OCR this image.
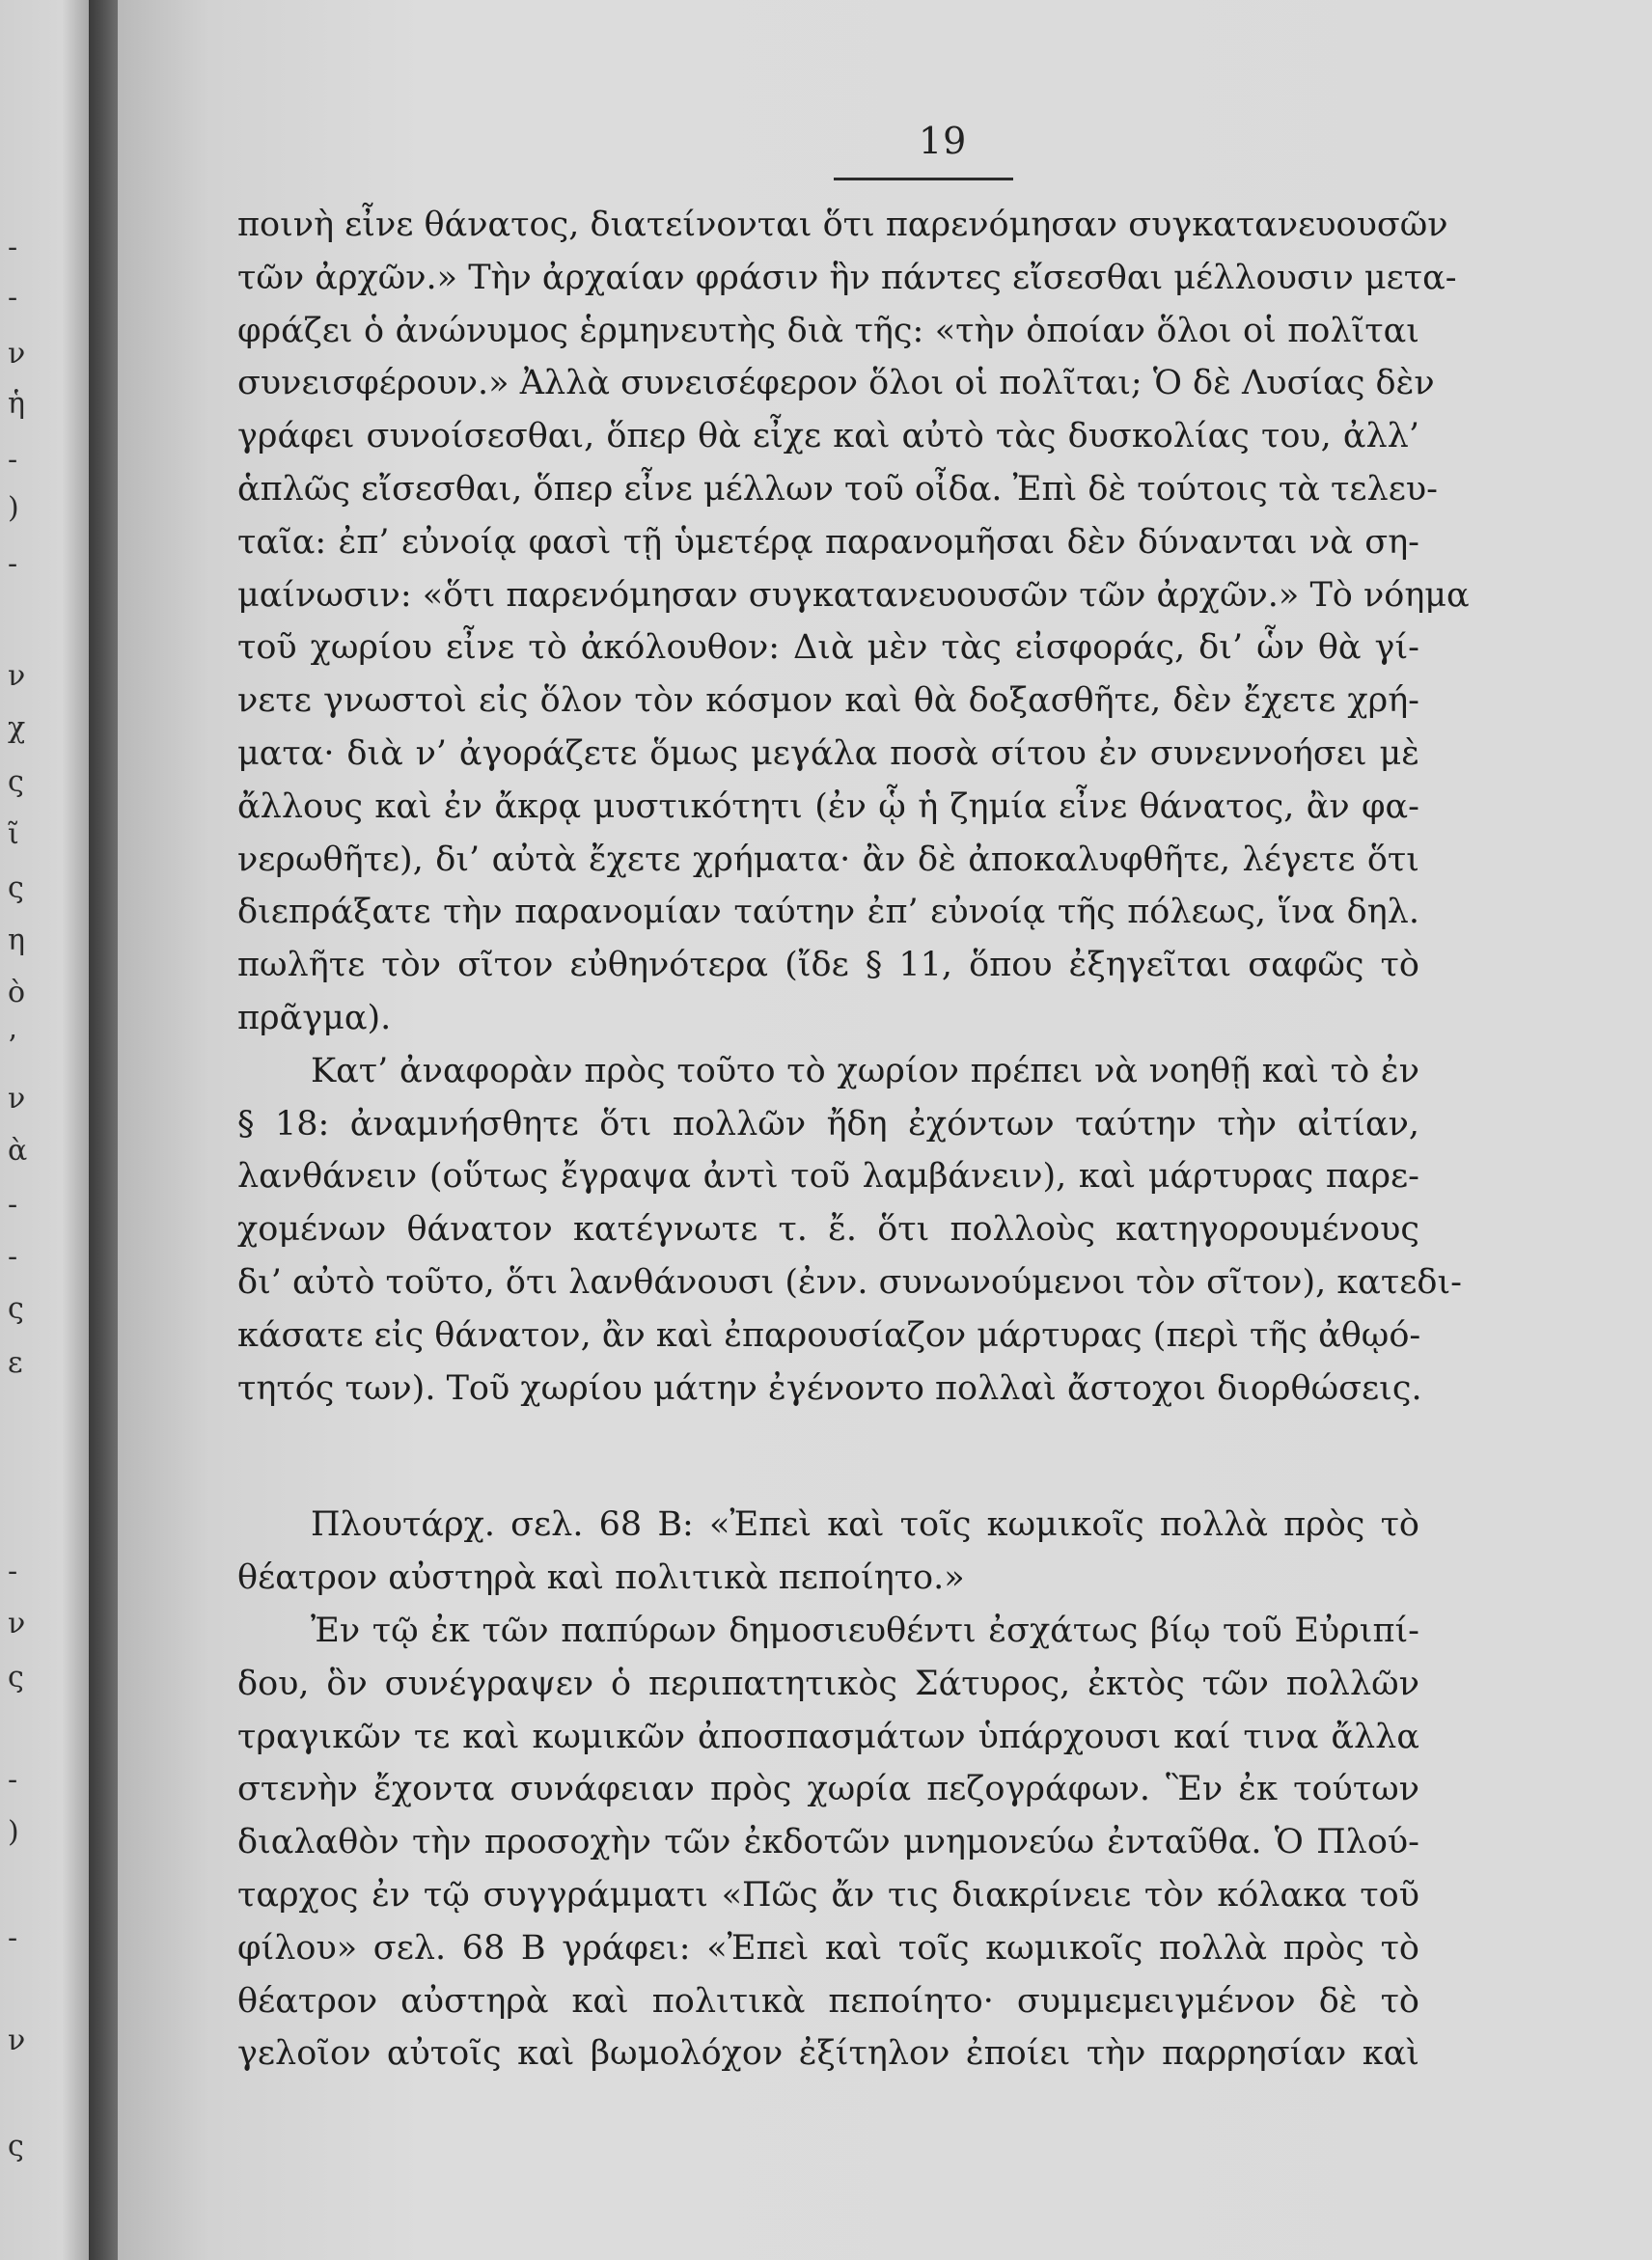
-
-
ν
ἡ
-
)
-
ν
χ
ς
ῖ
ς
η
ὸ
’
ν
ὰ
-
-
ς
ε
-
ν
ς
-
)
-
ν
ς
19
ποινὴ εἶνε θάνατος, διατείνονται ὅτι παρενόμησαν συγκατανευουσῶν
τῶν ἀρχῶν.» Τὴν ἀρχαίαν φράσιν ἣν πάντες εἴσεσθαι μέλλουσιν μετα-
φράζει ὁ ἀνώνυμος ἑρμηνευτὴς διὰ τῆς: «τὴν ὁποίαν ὅλοι οἱ πολῖται
συνεισφέρουν.» Ἀλλὰ συνεισέφερον ὅλοι οἱ πολῖται; Ὁ δὲ Λυσίας δὲν
γράφει συνοίσεσθαι, ὅπερ θὰ εἶχε καὶ αὐτὸ τὰς δυσκολίας του, ἀλλ’
ἁπλῶς εἴσεσθαι, ὅπερ εἶνε μέλλων τοῦ οἶδα. Ἐπὶ δὲ τούτοις τὰ τελευ-
ταῖα: ἐπ’ εὐνοίᾳ φασὶ τῇ ὑμετέρᾳ παρανομῆσαι δὲν δύνανται νὰ ση-
μαίνωσιν: «ὅτι παρενόμησαν συγκατανευουσῶν τῶν ἀρχῶν.» Τὸ νόημα
τοῦ χωρίου εἶνε τὸ ἀκόλουθον: Διὰ μὲν τὰς εἰσφοράς, δι’ ὧν θὰ γί-
νετε γνωστοὶ εἰς ὅλον τὸν κόσμον καὶ θὰ δοξασθῆτε, δὲν ἔχετε χρή-
ματα· διὰ ν’ ἀγοράζετε ὅμως μεγάλα ποσὰ σίτου ἐν συνεννοήσει μὲ
ἄλλους καὶ ἐν ἄκρᾳ μυστικότητι (ἐν ᾧ ἡ ζημία εἶνε θάνατος, ἂν φα-
νερωθῆτε), δι’ αὐτὰ ἔχετε χρήματα· ἂν δὲ ἀποκαλυφθῆτε, λέγετε ὅτι
διεπράξατε τὴν παρανομίαν ταύτην ἐπ’ εὐνοίᾳ τῆς πόλεως, ἵνα δηλ.
πωλῆτε τὸν σῖτον εὐθηνότερα (ἴδε § 11, ὅπου ἐξηγεῖται σαφῶς τὸ
πρᾶγμα).
Κατ’ ἀναφορὰν πρὸς τοῦτο τὸ χωρίον πρέπει νὰ νοηθῇ καὶ τὸ ἐν
§ 18: ἀναμνήσθητε ὅτι πολλῶν ἤδη ἐχόντων ταύτην τὴν αἰτίαν,
λανθάνειν (οὕτως ἔγραψα ἀντὶ τοῦ λαμβάνειν), καὶ μάρτυρας παρε-
χομένων θάνατον κατέγνωτε τ. ἔ. ὅτι πολλοὺς κατηγορουμένους
δι’ αὐτὸ τοῦτο, ὅτι λανθάνουσι (ἐνν. συνωνούμενοι τὸν σῖτον), κατεδι-
κάσατε εἰς θάνατον, ἂν καὶ ἐπαρουσίαζον μάρτυρας (περὶ τῆς ἀθῳό-
τητός των). Τοῦ χωρίου μάτην ἐγένοντο πολλαὶ ἄστοχοι διορθώσεις.
Πλουτάρχ. σελ. 68 B: «Ἐπεὶ καὶ τοῖς κωμικοῖς πολλὰ πρὸς τὸ
θέατρον αὐστηρὰ καὶ πολιτικὰ πεποίητο.»
Ἐν τῷ ἐκ τῶν παπύρων δημοσιευθέντι ἐσχάτως βίῳ τοῦ Εὐριπί-
δου, ὃν συνέγραψεν ὁ περιπατητικὸς Σάτυρος, ἐκτὸς τῶν πολλῶν
τραγικῶν τε καὶ κωμικῶν ἀποσπασμάτων ὑπάρχουσι καί τινα ἄλλα
στενὴν ἔχοντα συνάφειαν πρὸς χωρία πεζογράφων. Ἓν ἐκ τούτων
διαλαθὸν τὴν προσοχὴν τῶν ἐκδοτῶν μνημονεύω ἐνταῦθα. Ὁ Πλού-
ταρχος ἐν τῷ συγγράμματι «Πῶς ἄν τις διακρίνειε τὸν κόλακα τοῦ
φίλου» σελ. 68 B γράφει: «Ἐπεὶ καὶ τοῖς κωμικοῖς πολλὰ πρὸς τὸ
θέατρον αὐστηρὰ καὶ πολιτικὰ πεποίητο· συμμεμειγμένον δὲ τὸ
γελοῖον αὐτοῖς καὶ βωμολόχον ἐξίτηλον ἐποίει τὴν παρρησίαν καὶ
